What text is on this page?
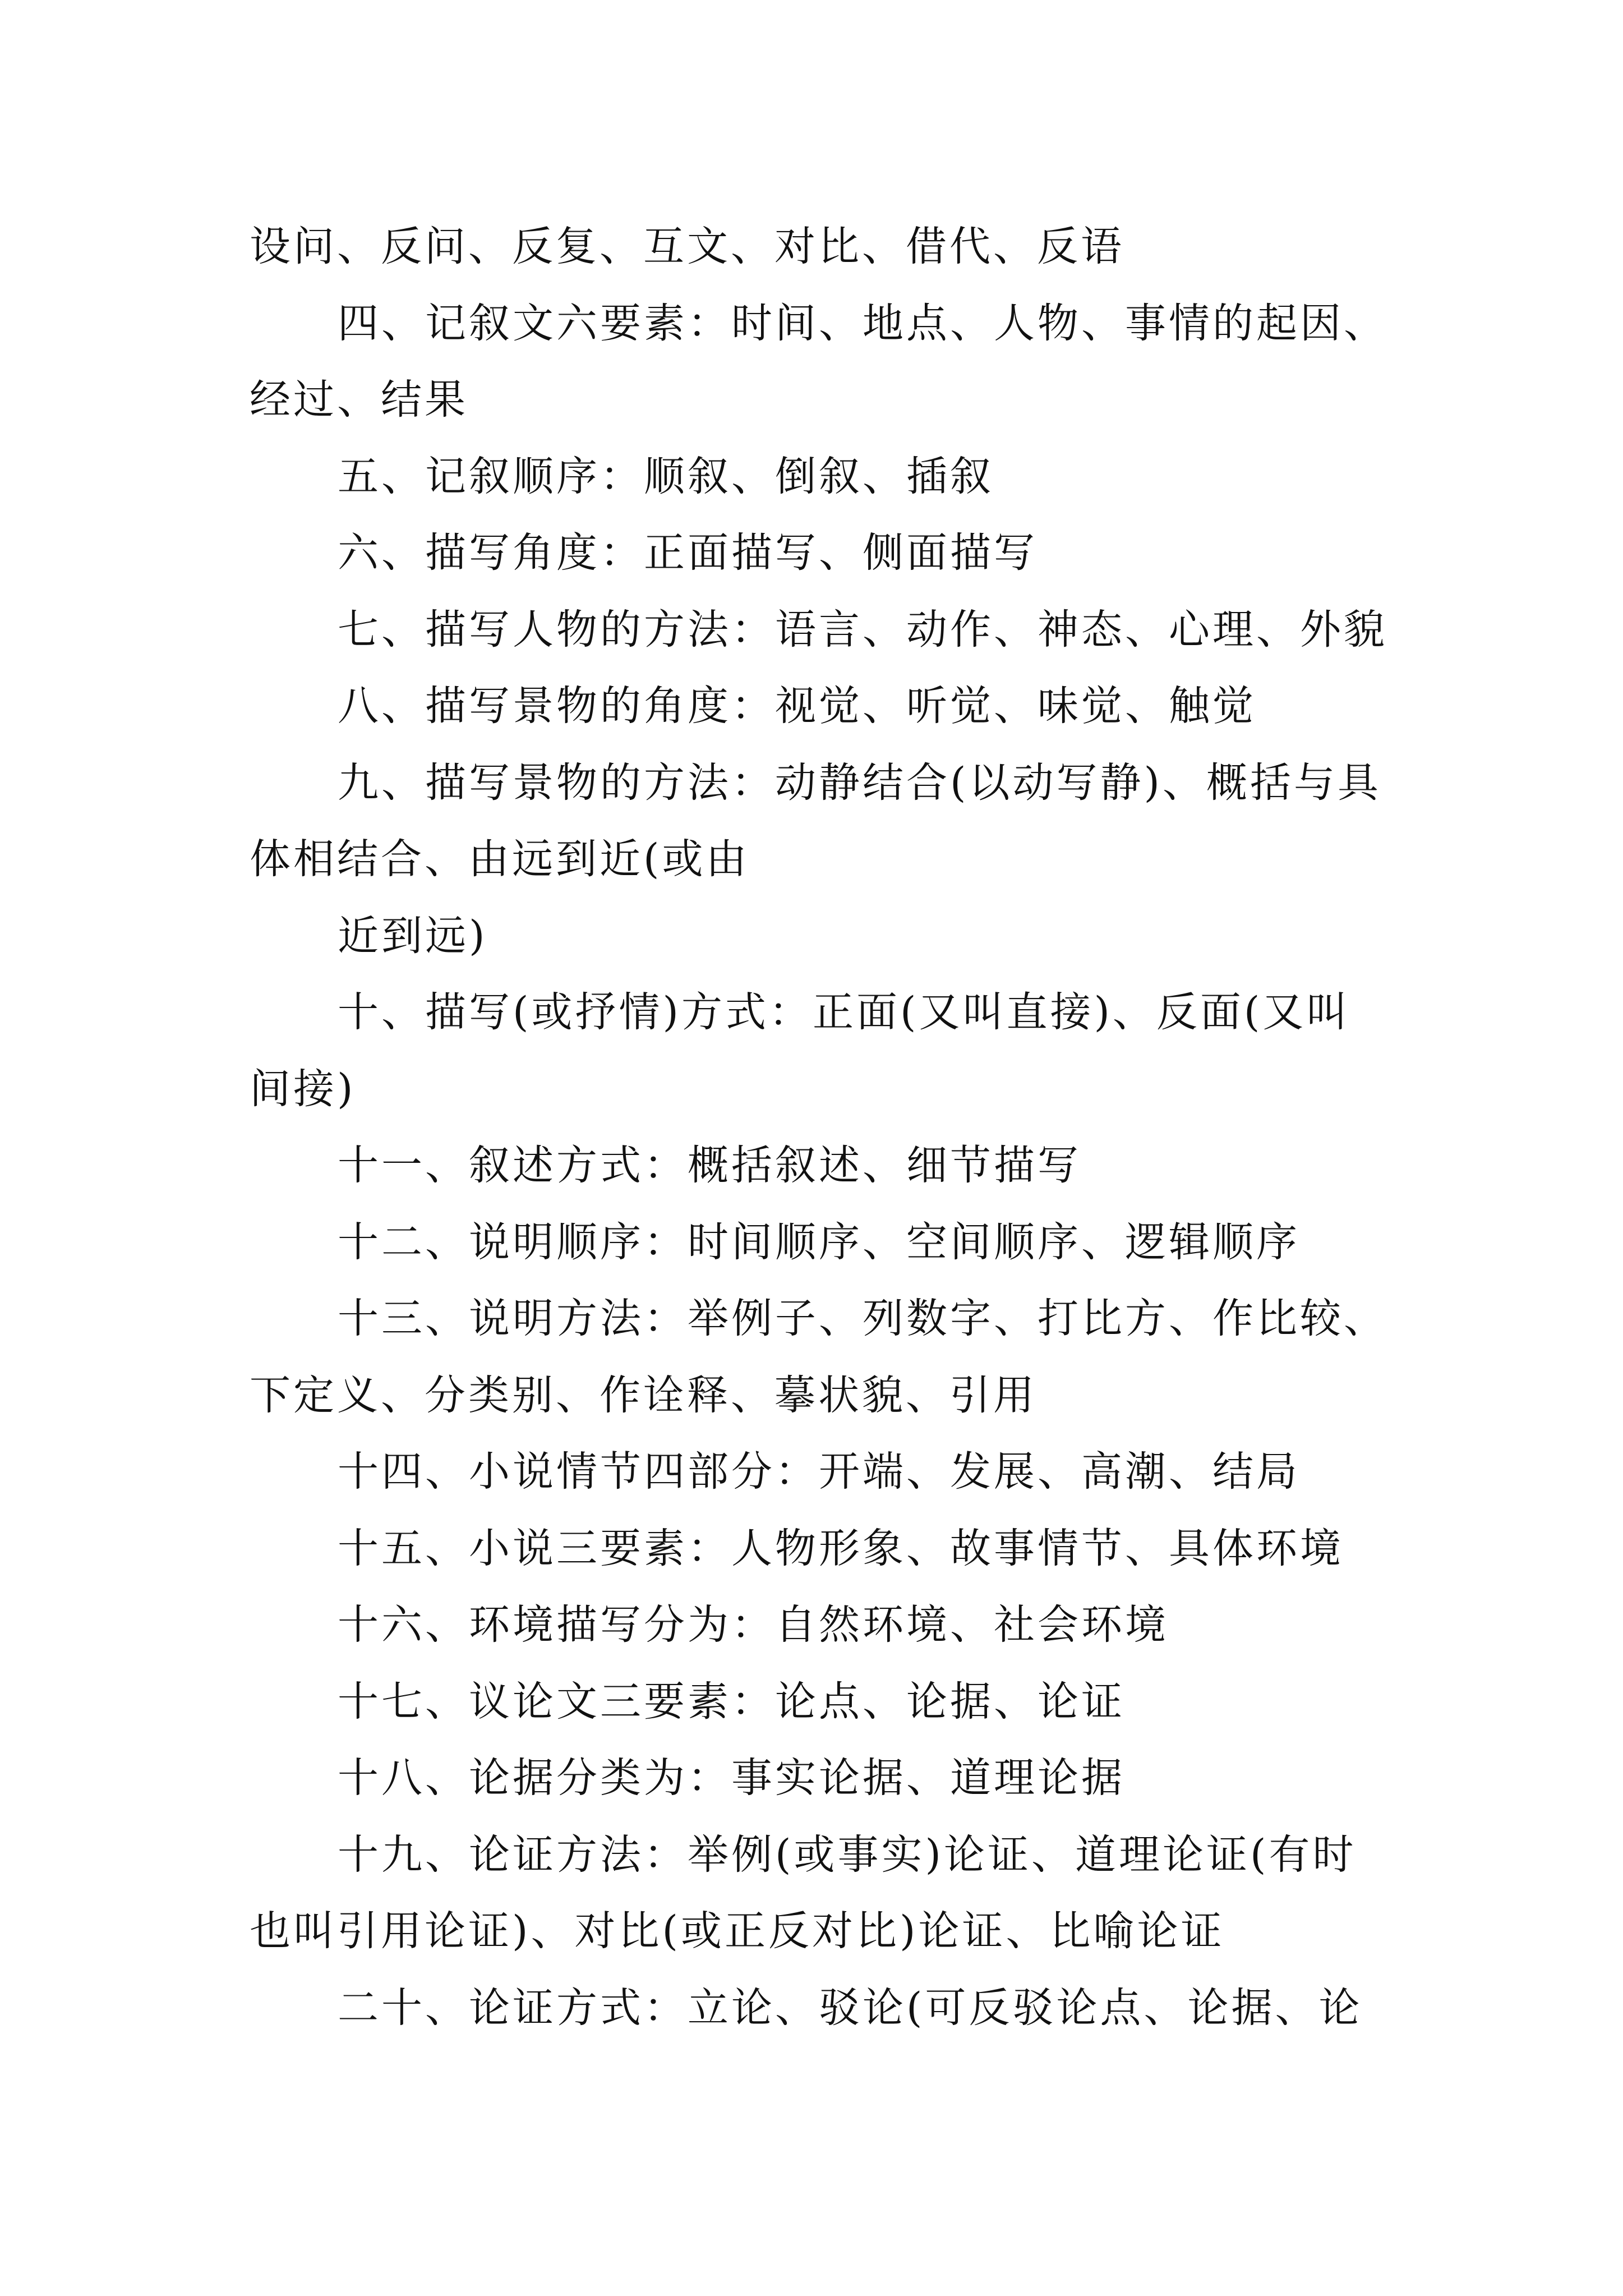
设问、反问、反复、互文、对比、借代、反语
四、记叙文六要素：时间、地点、人物、事情的起因、
经过、结果
五、记叙顺序：顺叙、倒叙、插叙
六、描写角度：正面描写、侧面描写
七、描写人物的方法：语言、动作、神态、心理、外貌
八、描写景物的角度：视觉、听觉、味觉、触觉
九、描写景物的方法：动静结合(以动写静)、概括与具
体相结合、由远到近(或由
近到远)
十、描写(或抒情)方式：正面(又叫直接)、反面(又叫
间接)
十一、叙述方式：概括叙述、细节描写
十二、说明顺序：时间顺序、空间顺序、逻辑顺序
十三、说明方法：举例子、列数字、打比方、作比较、
下定义、分类别、作诠释、摹状貌、引用
十四、小说情节四部分：开端、发展、高潮、结局
十五、小说三要素：人物形象、故事情节、具体环境
十六、环境描写分为：自然环境、社会环境
十七、议论文三要素：论点、论据、论证
十八、论据分类为：事实论据、道理论据
十九、论证方法：举例(或事实)论证、道理论证(有时
也叫引用论证)、对比(或正反对比)论证、比喻论证
二十、论证方式：立论、驳论(可反驳论点、论据、论
